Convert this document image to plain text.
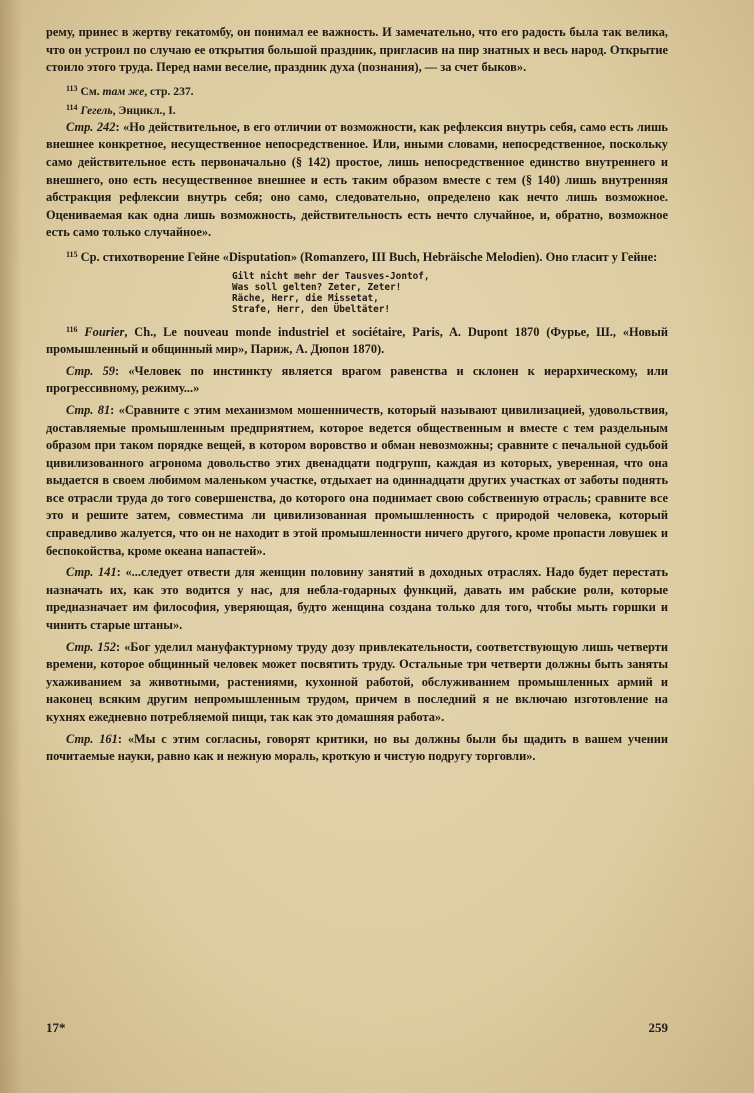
рему, принес в жертву гекатомбу, он понимал ее важность. И замечательно, что его радость была так велика, что он устроил по случаю ее открытия большой праздник, пригласив на пир знатных и весь народ. Открытие стоило этого труда. Перед нами веселие, праздник духа (познания), — за счет быков».

$^{113}$ См. там же, стр. 237.

$^{114}$ Гегель, Энцикл., I.

Стр. 242: «Но действительное, в его отличии от возможности, как рефлексия внутрь себя, само есть лишь внешнее конкретное, несущественное непосредственное. Или, иными словами, непосредственное, поскольку само действительное есть первоначально (§ 142) простое, лишь непосредственное единство внутреннего и внешнего, оно есть несущественное внешнее и есть таким образом вместе с тем (§ 140) лишь внутренняя абстракция рефлексии внутрь себя; оно само, следовательно, определено как нечто лишь возможное. Оцениваемая как одна лишь возможность, действительность есть нечто случайное, и, обратно, возможное есть само только случайное».

$^{115}$ Ср. стихотворение Гейне «Disputation» (Romanzero, III Buch, Hebräische Melodien). Оно гласит у Гейне:

Gilt nicht mehr der Tausves-Jontof,
Was soll gelten? Zeter, Zeter!
Räche, Herr, die Missetat,
Strafe, Herr, den Übeltäter!

$^{116}$ Fourier, Ch., Le nouveau monde industriel et sociétaire, Paris, A. Dupont 1870 (Фурье, Ш., «Новый промышленный и общинный мир», Париж, А. Дюпон 1870).

Стр. 59: «Человек по инстинкту является врагом равенства и склонен к иерархическому, или прогрессивному, режиму...»

Стр. 81: «Сравните с этим механизмом мошенничеств, который называют цивилизацией, удовольствия, доставляемые промышленным предприятием, которое ведется общественным и вместе с тем раздельным образом при таком порядке вещей, в котором воровство и обман невозможны; сравните с печальной судьбой цивилизованного агронома довольство этих двенадцати подгрупп, каждая из которых, уверенная, что она выдается в своем любимом маленьком участке, отдыхает на одиннадцати других участках от заботы поднять все отрасли труда до того совершенства, до которого она поднимает свою собственную отрасль; сравните все это и решите затем, совместима ли цивилизованная промышленность с природой человека, который справедливо жалуется, что он не находит в этой промышленности ничего другого, кроме пропасти ловушек и беспокойства, кроме океана напастей».

Стр. 141: «...следует отвести для женщин половину занятий в доходных отраслях. Надо будет перестать назначать их, как это водится у нас, для небла-годарных функций, давать им рабские роли, которые предназначает им философия, уверяющая, будто женщина создана только для того, чтобы мыть горшки и чинить старые штаны».

Стр. 152: «Бог уделил мануфактурному труду дозу привлекательности, соответствующую лишь четверти времени, которое общинный человек может посвятить труду. Остальные три четверти должны быть заняты ухаживанием за животными, растениями, кухонной работой, обслуживанием промышленных армий и наконец всяким другим непромышленным трудом, причем в последний я не включаю изготовление на кухнях ежедневно потребляемой пищи, так как это домашняя работа».

Стр. 161: «Мы с этим согласны, говорят критики, но вы должны были бы щадить в вашем учении почитаемые науки, равно как и нежную мораль, кроткую и чистую подругу торговли».

17*	259
